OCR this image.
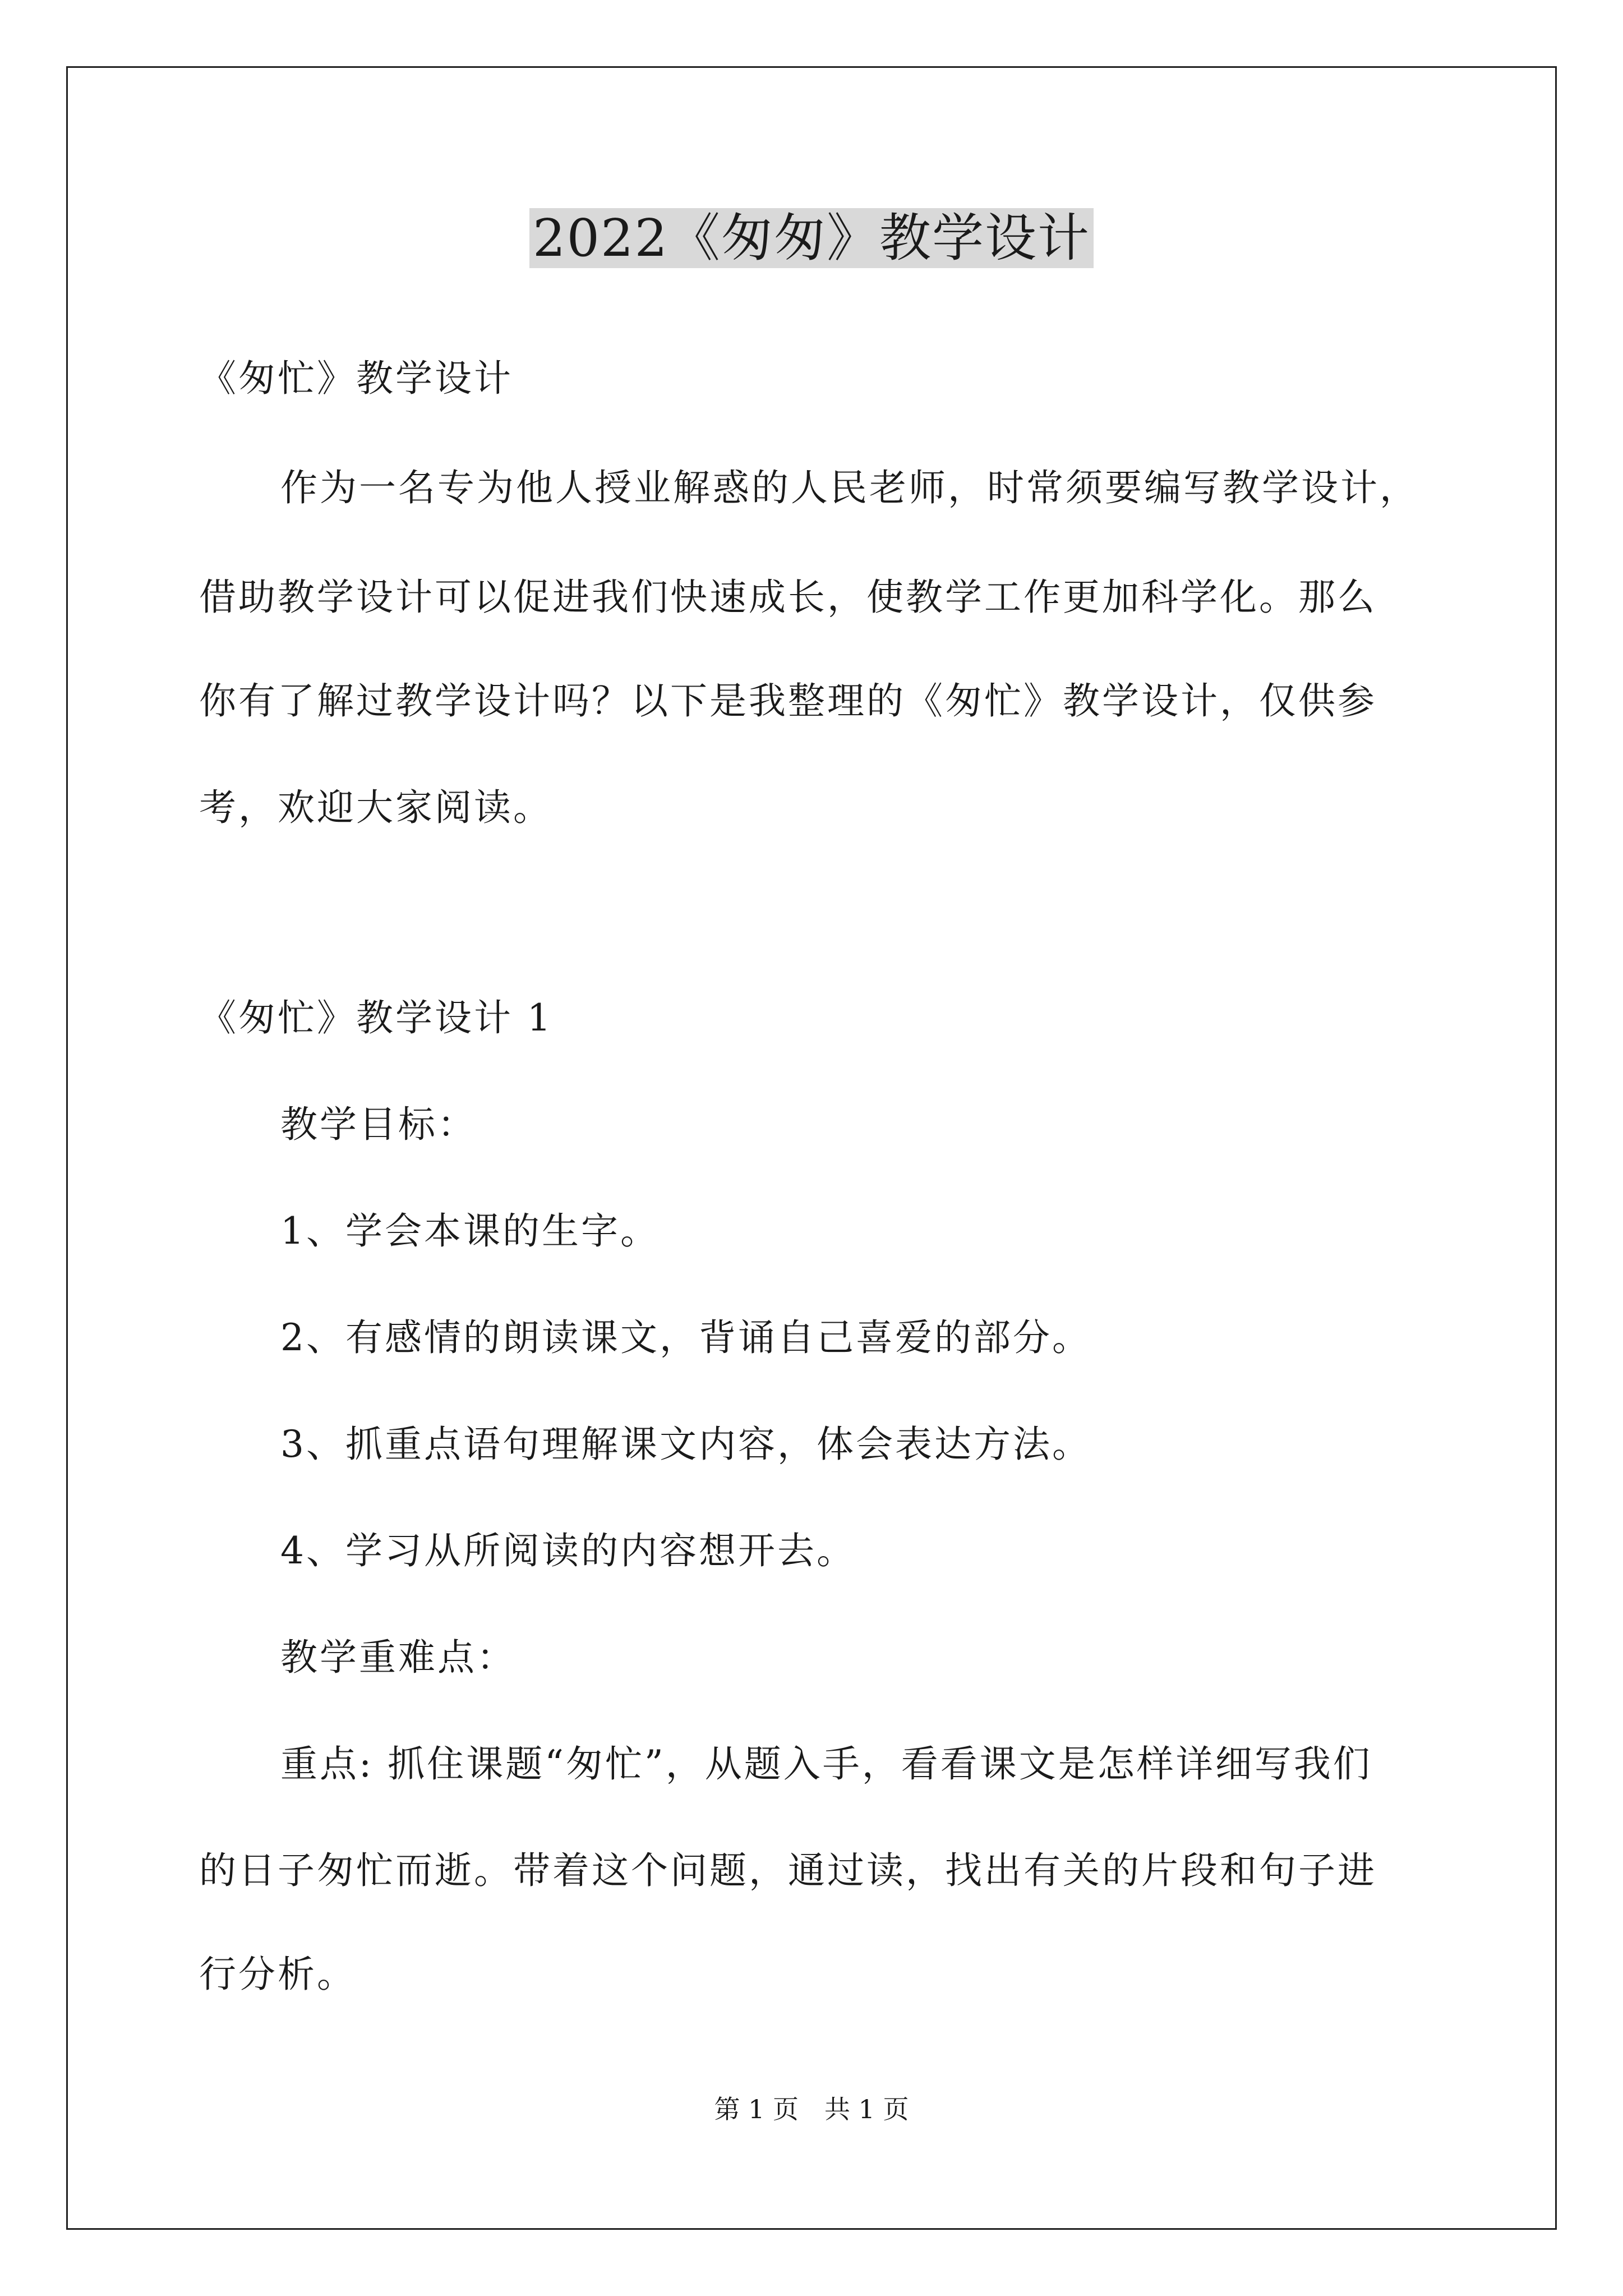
2022《匆匆》教学设计
《匆忙》教学设计
作为一名专为他人授业解惑的人民老师，时常须要编写教学设计，
借助教学设计可以促进我们快速成长，使教学工作更加科学化。那么
你有了解过教学设计吗？以下是我整理的《匆忙》教学设计，仅供参
考，欢迎大家阅读。
《匆忙》教学设计 1
教学目标：
1、学会本课的生字。
2、有感情的朗读课文，背诵自己喜爱的部分。
3、抓重点语句理解课文内容，体会表达方法。
4、学习从所阅读的内容想开去。
教学重难点：
重点: 抓住课题“匆忙”，从题入手，看看课文是怎样详细写我们
的日子匆忙而逝。带着这个问题，通过读，找出有关的片段和句子进
行分析。
第 1 页　共 1 页
